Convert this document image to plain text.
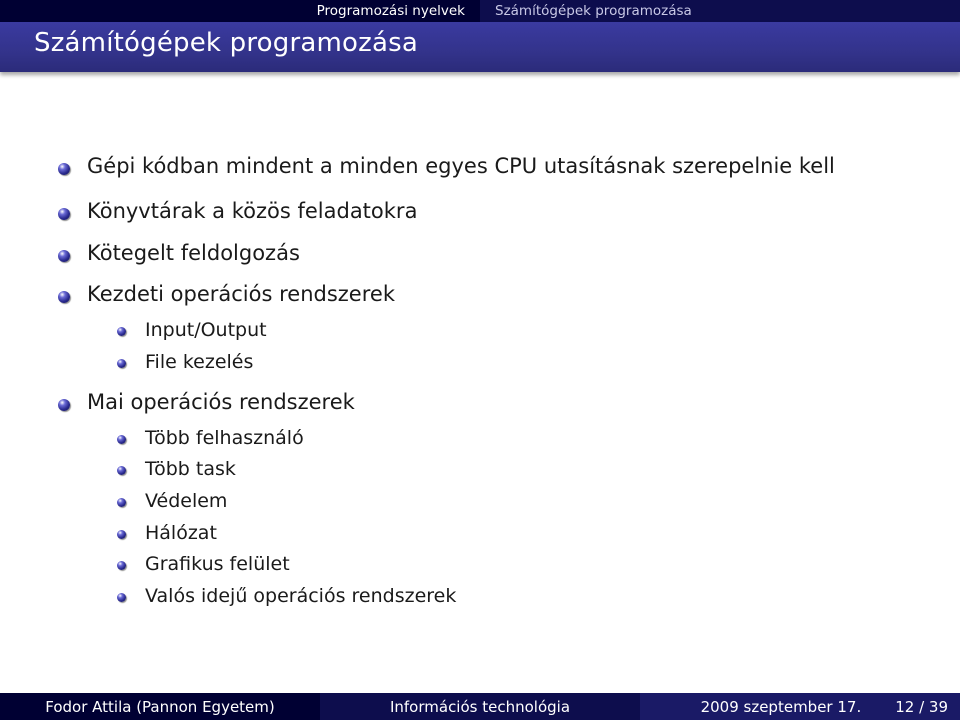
Programozási nyelvek	Számítógépek programozása
Számítógépek programozása
Gépi kódban mindent a minden egyes CPU utasításnak szerepelnie kell
Könyvtárak a közös feladatokra
Kötegelt feldolgozás
Kezdeti operációs rendszerek
Input/Output
File kezelés
Mai operációs rendszerek
Több felhasználó
Több task
Védelem
Hálózat
Grafikus felület
Valós idejű operációs rendszerek
Fodor Attila (Pannon Egyetem)	Információs technológia	2009 szeptember 17. 12 / 39
